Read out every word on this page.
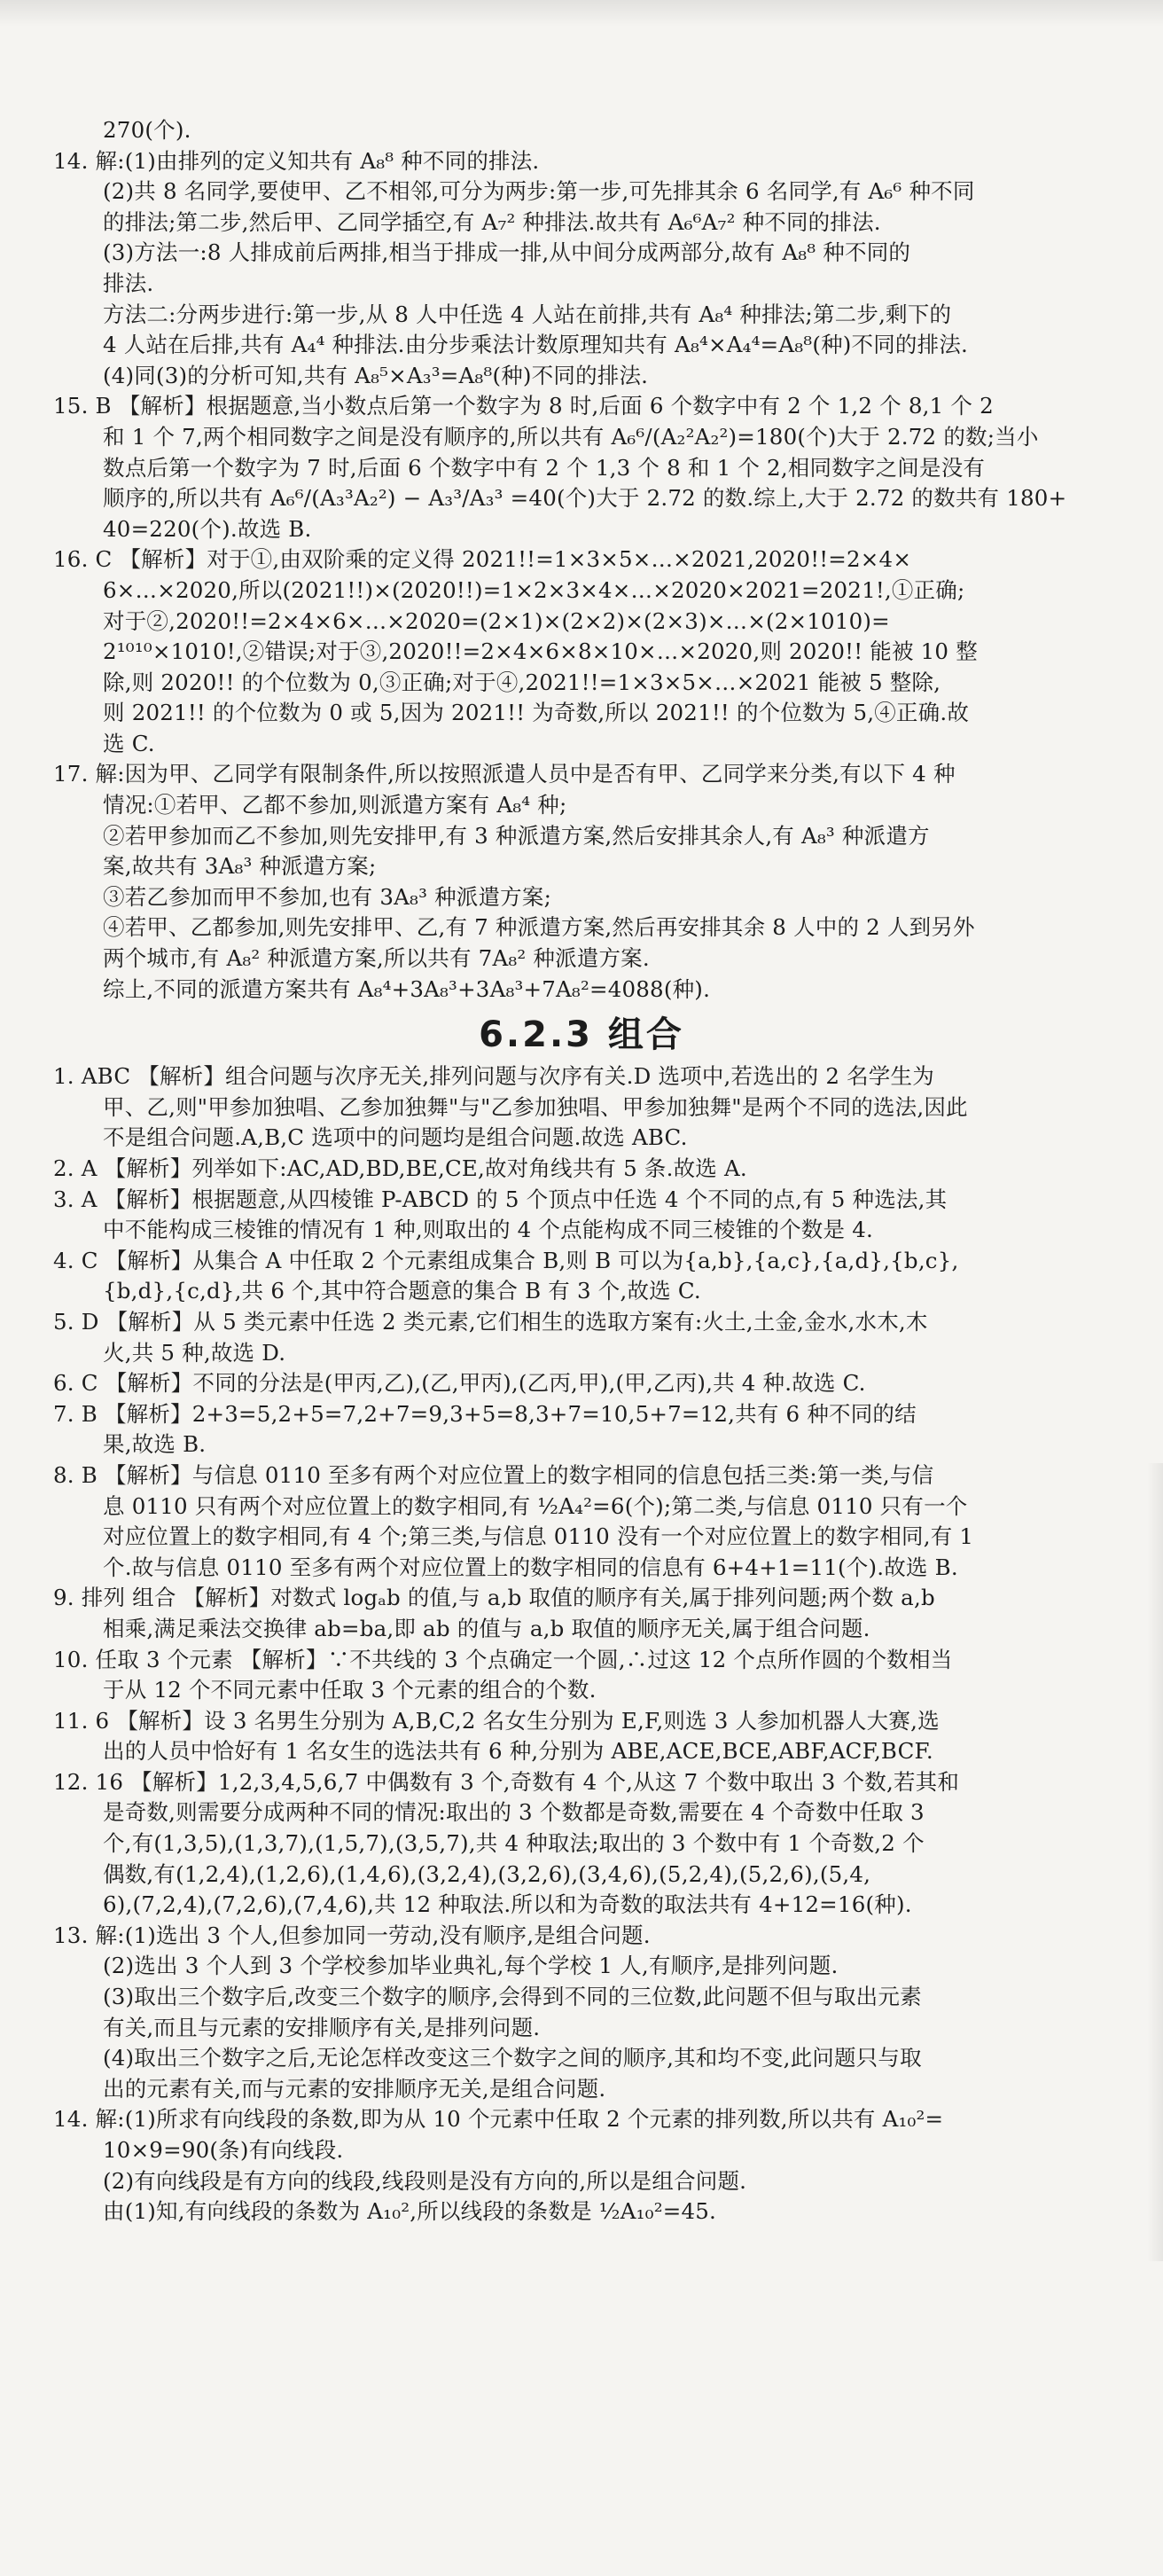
270(个).
14. 解:(1)由排列的定义知共有 A₈⁸ 种不同的排法.
(2)共 8 名同学,要使甲、乙不相邻,可分为两步:第一步,可先排其余 6 名同学,有 A₆⁶ 种不同
的排法;第二步,然后甲、乙同学插空,有 A₇² 种排法.故共有 A₆⁶A₇² 种不同的排法.
(3)方法一:8 人排成前后两排,相当于排成一排,从中间分成两部分,故有 A₈⁸ 种不同的
排法.
方法二:分两步进行:第一步,从 8 人中任选 4 人站在前排,共有 A₈⁴ 种排法;第二步,剩下的
4 人站在后排,共有 A₄⁴ 种排法.由分步乘法计数原理知共有 A₈⁴×A₄⁴=A₈⁸(种)不同的排法.
(4)同(3)的分析可知,共有 A₈⁵×A₃³=A₈⁸(种)不同的排法.
15. B 【解析】根据题意,当小数点后第一个数字为 8 时,后面 6 个数字中有 2 个 1,2 个 8,1 个 2
和 1 个 7,两个相同数字之间是没有顺序的,所以共有 A₆⁶/(A₂²A₂²)=180(个)大于 2.72 的数;当小
数点后第一个数字为 7 时,后面 6 个数字中有 2 个 1,3 个 8 和 1 个 2,相同数字之间是没有
顺序的,所以共有 A₆⁶/(A₃³A₂²) − A₃³/A₃³ =40(个)大于 2.72 的数.综上,大于 2.72 的数共有 180+
40=220(个).故选 B.
16. C 【解析】对于①,由双阶乘的定义得 2021!!=1×3×5×…×2021,2020!!=2×4×
6×…×2020,所以(2021!!)×(2020!!)=1×2×3×4×…×2020×2021=2021!,①正确;
对于②,2020!!=2×4×6×…×2020=(2×1)×(2×2)×(2×3)×…×(2×1010)=
2¹⁰¹⁰×1010!,②错误;对于③,2020!!=2×4×6×8×10×…×2020,则 2020!! 能被 10 整
除,则 2020!! 的个位数为 0,③正确;对于④,2021!!=1×3×5×…×2021 能被 5 整除,
则 2021!! 的个位数为 0 或 5,因为 2021!! 为奇数,所以 2021!! 的个位数为 5,④正确.故
选 C.
17. 解:因为甲、乙同学有限制条件,所以按照派遣人员中是否有甲、乙同学来分类,有以下 4 种
情况:①若甲、乙都不参加,则派遣方案有 A₈⁴ 种;
②若甲参加而乙不参加,则先安排甲,有 3 种派遣方案,然后安排其余人,有 A₈³ 种派遣方
案,故共有 3A₈³ 种派遣方案;
③若乙参加而甲不参加,也有 3A₈³ 种派遣方案;
④若甲、乙都参加,则先安排甲、乙,有 7 种派遣方案,然后再安排其余 8 人中的 2 人到另外
两个城市,有 A₈² 种派遣方案,所以共有 7A₈² 种派遣方案.
综上,不同的派遣方案共有 A₈⁴+3A₈³+3A₈³+7A₈²=4088(种).
6.2.3 组合
1. ABC 【解析】组合问题与次序无关,排列问题与次序有关.D 选项中,若选出的 2 名学生为
甲、乙,则"甲参加独唱、乙参加独舞"与"乙参加独唱、甲参加独舞"是两个不同的选法,因此
不是组合问题.A,B,C 选项中的问题均是组合问题.故选 ABC.
2. A 【解析】列举如下:AC,AD,BD,BE,CE,故对角线共有 5 条.故选 A.
3. A 【解析】根据题意,从四棱锥 P-ABCD 的 5 个顶点中任选 4 个不同的点,有 5 种选法,其
中不能构成三棱锥的情况有 1 种,则取出的 4 个点能构成不同三棱锥的个数是 4.
4. C 【解析】从集合 A 中任取 2 个元素组成集合 B,则 B 可以为{a,b},{a,c},{a,d},{b,c},
{b,d},{c,d},共 6 个,其中符合题意的集合 B 有 3 个,故选 C.
5. D 【解析】从 5 类元素中任选 2 类元素,它们相生的选取方案有:火土,土金,金水,水木,木
火,共 5 种,故选 D.
6. C 【解析】不同的分法是(甲丙,乙),(乙,甲丙),(乙丙,甲),(甲,乙丙),共 4 种.故选 C.
7. B 【解析】2+3=5,2+5=7,2+7=9,3+5=8,3+7=10,5+7=12,共有 6 种不同的结
果,故选 B.
8. B 【解析】与信息 0110 至多有两个对应位置上的数字相同的信息包括三类:第一类,与信
息 0110 只有两个对应位置上的数字相同,有 ½A₄²=6(个);第二类,与信息 0110 只有一个
对应位置上的数字相同,有 4 个;第三类,与信息 0110 没有一个对应位置上的数字相同,有 1
个.故与信息 0110 至多有两个对应位置上的数字相同的信息有 6+4+1=11(个).故选 B.
9. 排列 组合 【解析】对数式 logₐb 的值,与 a,b 取值的顺序有关,属于排列问题;两个数 a,b
相乘,满足乘法交换律 ab=ba,即 ab 的值与 a,b 取值的顺序无关,属于组合问题.
10. 任取 3 个元素 【解析】∵不共线的 3 个点确定一个圆,∴过这 12 个点所作圆的个数相当
于从 12 个不同元素中任取 3 个元素的组合的个数.
11. 6 【解析】设 3 名男生分别为 A,B,C,2 名女生分别为 E,F,则选 3 人参加机器人大赛,选
出的人员中恰好有 1 名女生的选法共有 6 种,分别为 ABE,ACE,BCE,ABF,ACF,BCF.
12. 16 【解析】1,2,3,4,5,6,7 中偶数有 3 个,奇数有 4 个,从这 7 个数中取出 3 个数,若其和
是奇数,则需要分成两种不同的情况:取出的 3 个数都是奇数,需要在 4 个奇数中任取 3
个,有(1,3,5),(1,3,7),(1,5,7),(3,5,7),共 4 种取法;取出的 3 个数中有 1 个奇数,2 个
偶数,有(1,2,4),(1,2,6),(1,4,6),(3,2,4),(3,2,6),(3,4,6),(5,2,4),(5,2,6),(5,4,
6),(7,2,4),(7,2,6),(7,4,6),共 12 种取法.所以和为奇数的取法共有 4+12=16(种).
13. 解:(1)选出 3 个人,但参加同一劳动,没有顺序,是组合问题.
(2)选出 3 个人到 3 个学校参加毕业典礼,每个学校 1 人,有顺序,是排列问题.
(3)取出三个数字后,改变三个数字的顺序,会得到不同的三位数,此问题不但与取出元素
有关,而且与元素的安排顺序有关,是排列问题.
(4)取出三个数字之后,无论怎样改变这三个数字之间的顺序,其和均不变,此问题只与取
出的元素有关,而与元素的安排顺序无关,是组合问题.
14. 解:(1)所求有向线段的条数,即为从 10 个元素中任取 2 个元素的排列数,所以共有 A₁₀²=
10×9=90(条)有向线段.
(2)有向线段是有方向的线段,线段则是没有方向的,所以是组合问题.
由(1)知,有向线段的条数为 A₁₀²,所以线段的条数是 ½A₁₀²=45.
